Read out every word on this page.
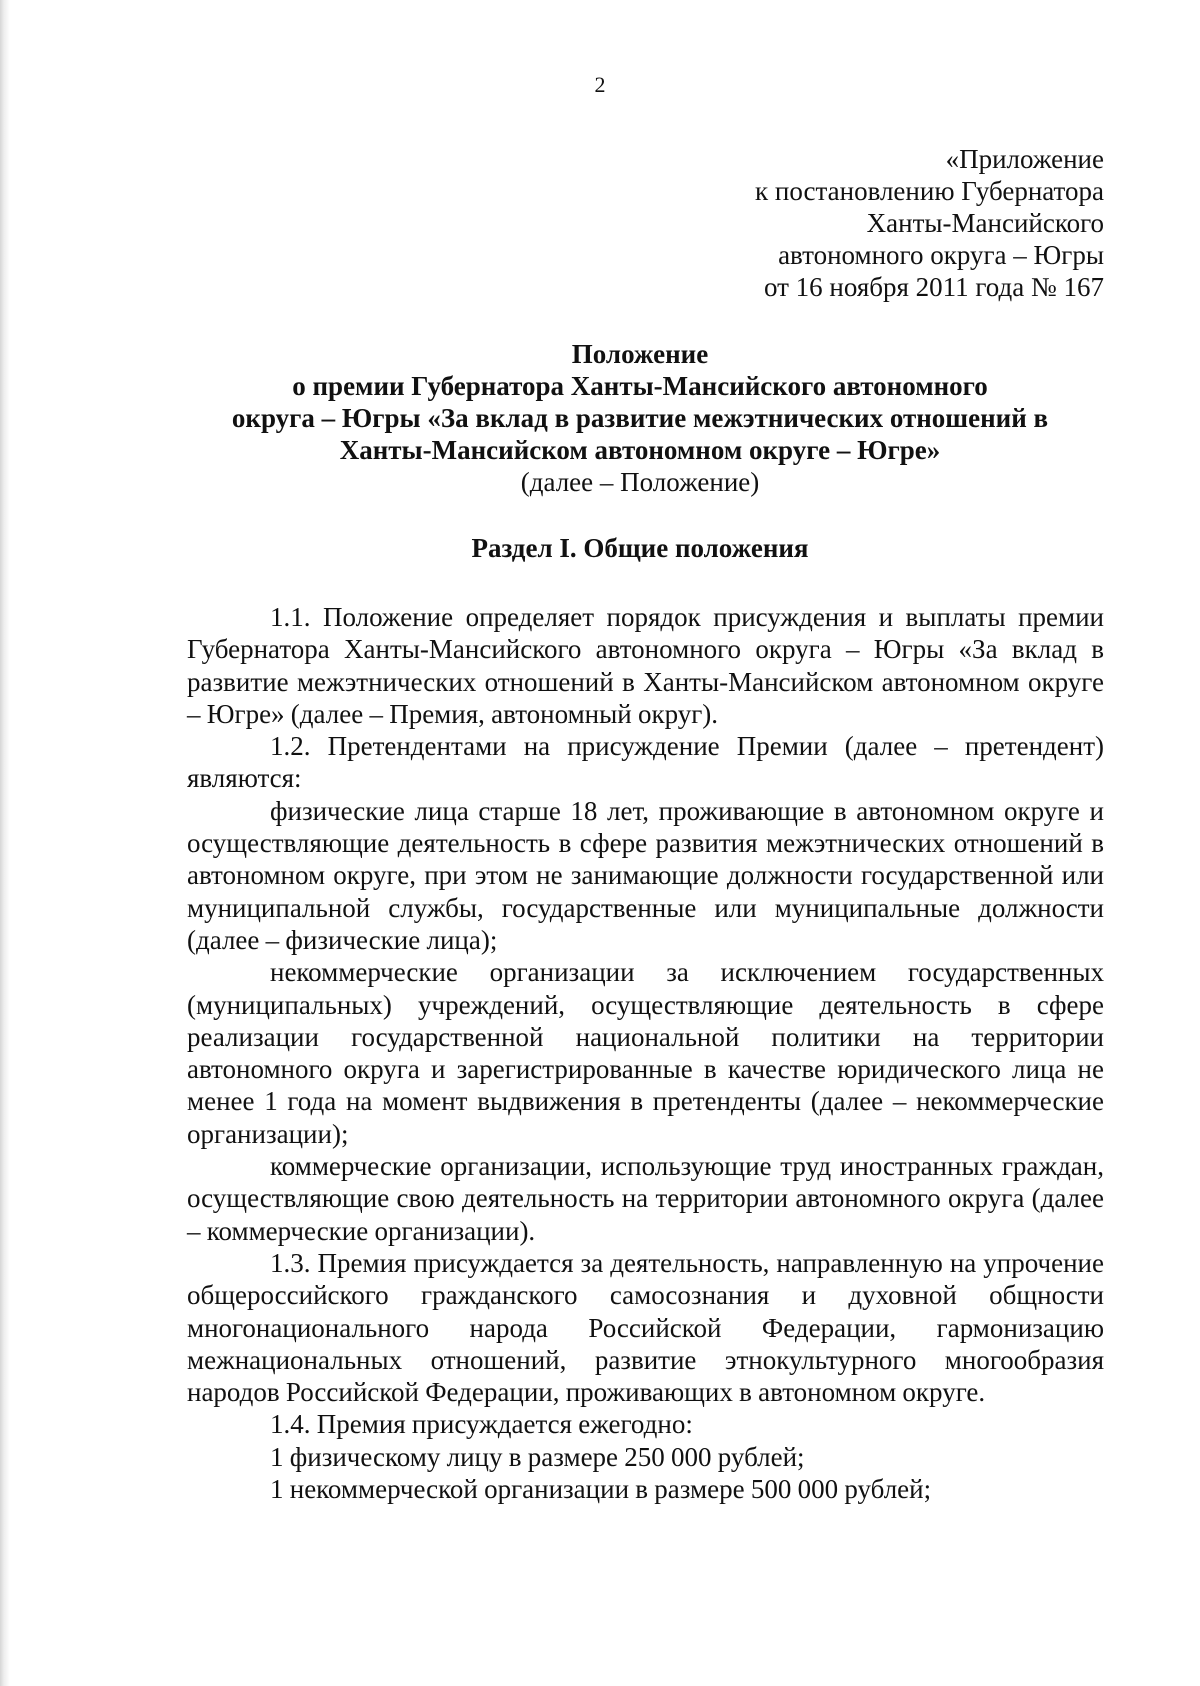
2
«Приложение
к постановлению Губернатора
Ханты-Мансийского
автономного округа – Югры
от 16 ноября 2011 года № 167
Положение
о премии Губернатора Ханты-Мансийского автономного
округа – Югры «За вклад в развитие межэтнических отношений в
Ханты-Мансийском автономном округе – Югре»
(далее – Положение)
Раздел I. Общие положения

1.1. Положение определяет порядок присуждения и выплаты премии Губернатора Ханты-Мансийского автономного округа – Югры «За вклад в развитие межэтнических отношений в Ханты-Мансийском автономном округе – Югре» (далее – Премия, автономный округ).

1.2. Претендентами на присуждение Премии (далее – претендент) являются:

физические лица старше 18 лет, проживающие в автономном округе и осуществляющие деятельность в сфере развития межэтнических отношений в автономном округе, при этом не занимающие должности государственной или муниципальной службы, государственные или муниципальные должности (далее – физические лица);

некоммерческие организации за исключением государственных (муниципальных) учреждений, осуществляющие деятельность в сфере реализации государственной национальной политики на территории автономного округа и зарегистрированные в качестве юридического лица не менее 1 года на момент выдвижения в претенденты (далее – некоммерческие организации);

коммерческие организации, использующие труд иностранных граждан, осуществляющие свою деятельность на территории автономного округа (далее – коммерческие организации).

1.3. Премия присуждается за деятельность, направленную на упрочение общероссийского гражданского самосознания и духовной общности многонационального народа Российской Федерации, гармонизацию межнациональных отношений, развитие этнокультурного многообразия народов Российской Федерации, проживающих в автономном округе.

1.4. Премия присуждается ежегодно:

1 физическому лицу в размере 250 000 рублей;

1 некоммерческой организации в размере 500 000 рублей;
